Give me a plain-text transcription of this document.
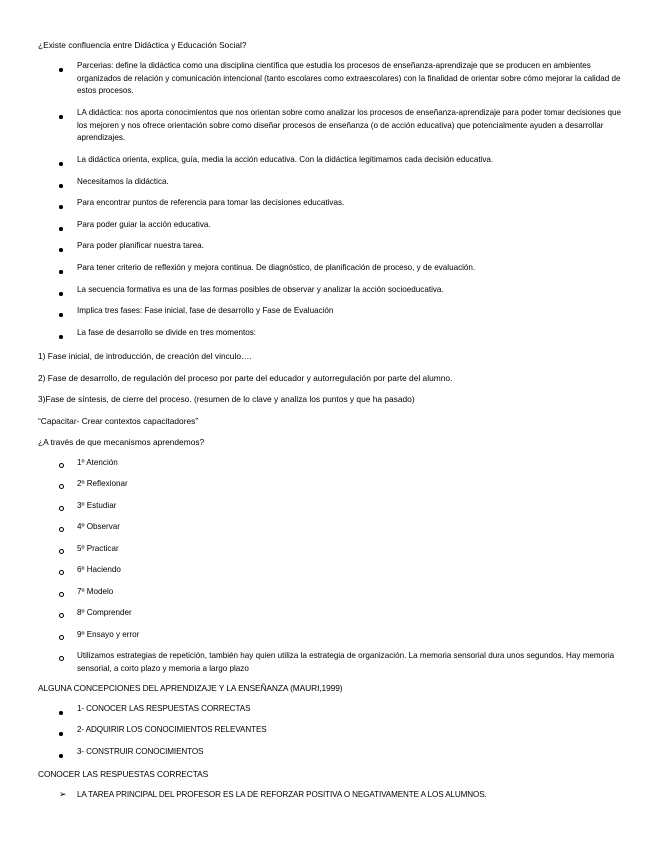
¿Existe confluencia entre Didáctica y Educación Social?
Parcerias: define la didáctica como una disciplina científica que estudia los procesos de enseñanza-aprendizaje que se producen en ambientes organizados de relación y comunicación intencional (tanto escolares como extraescolares) con la finalidad de orientar sobre cómo mejorar la calidad de estos procesos.
LA didáctica: nos aporta conocimientos que nos orientan sobre como analizar los procesos de enseñanza-aprendizaje para poder tomar decisiones que los mejoren y nos ofrece orientación sobre como diseñar procesos de enseñanza (o de acción educativa) que potencialmente ayuden a desarrollar aprendizajes.
La didáctica orienta, explica, guía, media la acción educativa. Con la didáctica legitimamos cada decisión educativa.
Necesitamos la didáctica.
Para encontrar puntos de referencia para tomar las decisiones educativas.
Para poder guiar la acción educativa.
Para poder planificar nuestra tarea.
Para tener criterio de reflexión y mejora continua. De diagnóstico, de planificación de proceso, y de evaluación.
La secuencia formativa es una de las formas posibles de observar y analizar la acción socioeducativa.
Implica tres fases: Fase inicial, fase de desarrollo y Fase de Evaluación
La fase de desarrollo se divide en tres momentos:
1) Fase inicial, de introducción, de creación del vinculo….
2) Fase de desarrollo, de regulación del proceso por parte del educador y autorregulación por parte del alumno.
3)Fase de síntesis, de cierre del proceso. (resumen de lo clave y analiza los puntos y que ha pasado)
“Capacitar- Crear contextos capacitadores”
¿A través de que mecanismos aprendemos?
1º Atención
2º Reflexionar
3º Estudiar
4º Observar
5º Practicar
6º Haciendo
7º Modelo
8º Comprender
9º Ensayo y error
Utilizamos estrategias de repetición, también hay quien utiliza la estrategia de organización. La memoria sensorial dura unos segundos. Hay memoria sensorial, a corto plazo y memoria a largo plazo
ALGUNA CONCEPCIONES DEL APRENDIZAJE Y LA ENSEÑANZA (MAURI,1999)
1- CONOCER LAS RESPUESTAS CORRECTAS
2- ADQUIRIR LOS CONOCIMIENTOS RELEVANTES
3- CONSTRUIR CONOCIMIENTOS
CONOCER LAS RESPUESTAS CORRECTAS
➢ LA TAREA PRINCIPAL DEL PROFESOR ES LA DE REFORZAR POSITIVA O NEGATIVAMENTE A LOS ALUMNOS.
